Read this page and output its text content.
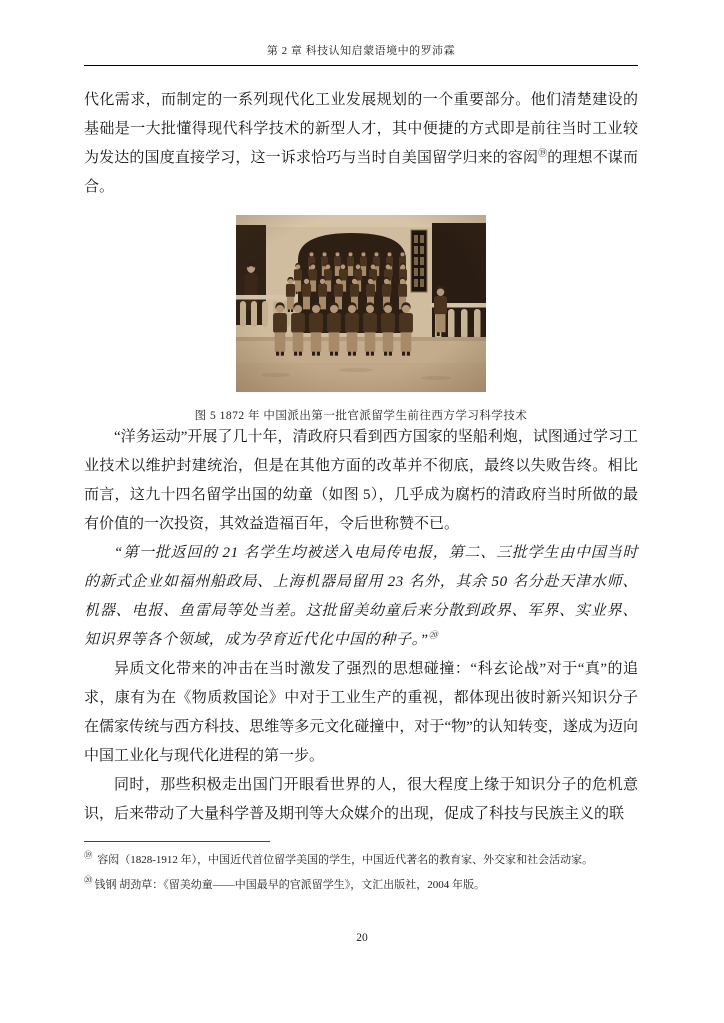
第 2 章 科技认知启蒙语境中的罗沛霖

代化需求，而制定的一系列现代化工业发展规划的一个重要部分。他们清楚建设的基础是一大批懂得现代科学技术的新型人才，其中便捷的方式即是前往当时工业较为发达的国度直接学习，这一诉求恰巧与当时自美国留学归来的容闳⑲的理想不谋而合。

图 5 1872 年 中国派出第一批官派留学生前往西方学习科学技术

“洋务运动”开展了几十年，清政府只看到西方国家的坚船利炮，试图通过学习工业技术以维护封建统治，但是在其他方面的改革并不彻底，最终以失败告终。相比而言，这九十四名留学出国的幼童（如图 5），几乎成为腐朽的清政府当时所做的最有价值的一次投资，其效益造福百年，令后世称赞不已。

“第一批返回的 21 名学生均被送入电局传电报，第二、三批学生由中国当时的新式企业如福州船政局、上海机器局留用 23 名外，其余 50 名分赴天津水师、机器、电报、鱼雷局等处当差。这批留美幼童后来分散到政界、军界、实业界、知识界等各个领域，成为孕育近代化中国的种子。”⑳

异质文化带来的冲击在当时激发了强烈的思想碰撞：“科玄论战”对于“真”的追求，康有为在《物质救国论》中对于工业生产的重视，都体现出彼时新兴知识分子在儒家传统与西方科技、思维等多元文化碰撞中，对于“物”的认知转变，遂成为迈向中国工业化与现代化进程的第一步。

同时，那些积极走出国门开眼看世界的人，很大程度上缘于知识分子的危机意识，后来带动了大量科学普及期刊等大众媒介的出现，促成了科技与民族主义的联

⑲ 容闳（1828-1912 年），中国近代首位留学美国的学生，中国近代著名的教育家、外交家和社会活动家。
⑳ 钱钢 胡劲草：《留美幼童——中国最早的官派留学生》，文汇出版社，2004 年版。
20
